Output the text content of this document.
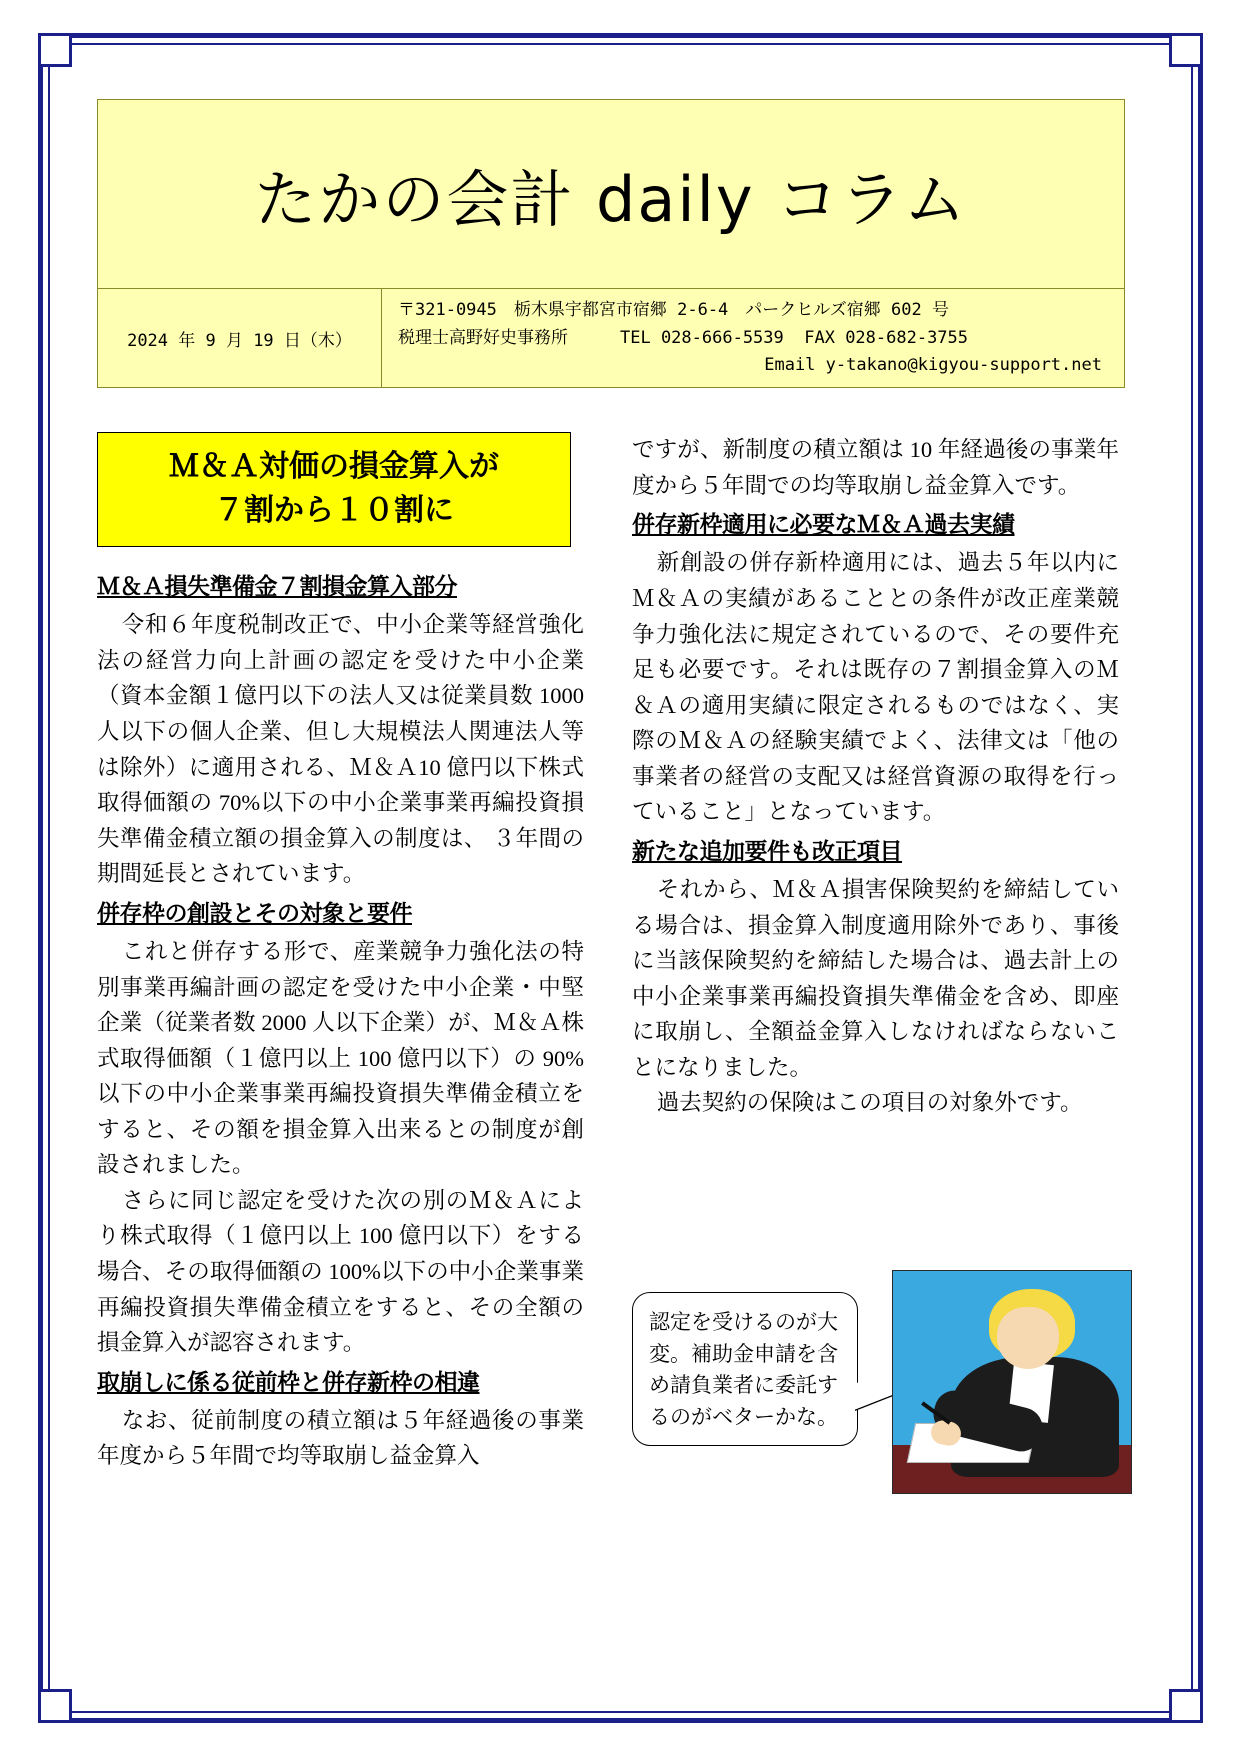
たかの会計 daily コラム
2024 年 9 月 19 日（木）
〒321-0945　栃木県宇都宮市宿郷 2-6-4　パークヒルズ宿郷 602 号
税理士高野好史事務所	TEL 028-666-5539 FAX 028-682-3755
Email y-takano@kigyou-support.net
Ｍ＆Ａ対価の損金算入が
７割から１０割に
Ｍ＆Ａ損失準備金７割損金算入部分

令和６年度税制改正で、中小企業等経営強化法の経営力向上計画の認定を受けた中小企業（資本金額１億円以下の法人又は従業員数 1000 人以下の個人企業、但し大規模法人関連法人等は除外）に適用される、Ｍ＆Ａ10 億円以下株式取得価額の 70%以下の中小企業事業再編投資損失準備金積立額の損金算入の制度は、 ３年間の期間延長とされています。

併存枠の創設とその対象と要件

これと併存する形で、産業競争力強化法の特別事業再編計画の認定を受けた中小企業・中堅企業（従業者数 2000 人以下企業）が、Ｍ＆Ａ株式取得価額（１億円以上 100 億円以下）の 90%以下の中小企業事業再編投資損失準備金積立をすると、その額を損金算入出来るとの制度が創設されました。

さらに同じ認定を受けた次の別のＭ＆Ａにより株式取得（１億円以上 100 億円以下）をする場合、その取得価額の 100%以下の中小企業事業再編投資損失準備金積立をすると、その全額の損金算入が認容されます。

取崩しに係る従前枠と併存新枠の相違

なお、従前制度の積立額は５年経過後の事業年度から５年間で均等取崩し益金算入

ですが、新制度の積立額は 10 年経過後の事業年度から５年間での均等取崩し益金算入です。

併存新枠適用に必要なＭ＆Ａ過去実績

新創設の併存新枠適用には、過去５年以内にＭ＆Ａの実績があることとの条件が改正産業競争力強化法に規定されているので、その要件充足も必要です。それは既存の７割損金算入のＭ＆Ａの適用実績に限定されるものではなく、実際のＭ＆Ａの経験実績でよく、法律文は「他の事業者の経営の支配又は経営資源の取得を行っていること」となっています。

新たな追加要件も改正項目

それから、Ｍ＆Ａ損害保険契約を締結している場合は、損金算入制度適用除外であり、事後に当該保険契約を締結した場合は、過去計上の中小企業事業再編投資損失準備金を含め、即座に取崩し、全額益金算入しなければならないことになりました。

過去契約の保険はこの項目の対象外です。

認定を受けるのが大変。補助金申請を含め請負業者に委託するのがベターかな。
